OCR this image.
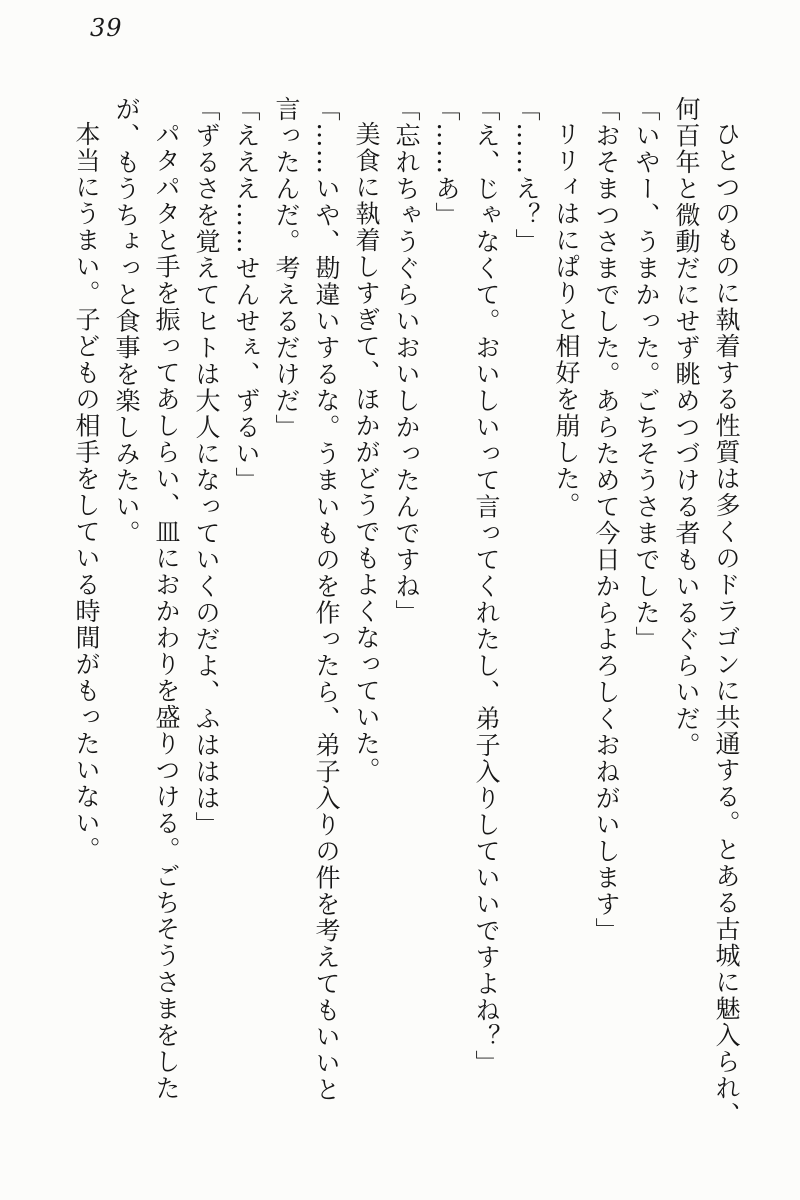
39

ひとつのものに執着する性質は多くのドラゴンに共通する。とある古城に魅入られ、

何百年と微動だにせず眺めつづける者もいるぐらいだ。

「いやー、うまかった。ごちそうさまでした」

「おそまつさまでした。あらためて今日からよろしくおねがいします」

リリィはにぱりと相好を崩した。

「……え？」

「え、じゃなくて。おいしいって言ってくれたし、弟子入りしていいですよね？」

「……あ」

「忘れちゃうぐらいおいしかったんですね」

美食に執着しすぎて、ほかがどうでもよくなっていた。

「……いや、勘違いするな。うまいものを作ったら、弟子入りの件を考えてもいいと

言ったんだ。考えるだけだ」

「えええ……せんせぇ、ずるい」

「ずるさを覚えてヒトは大人になっていくのだよ、ふははは」

パタパタと手を振ってあしらい、皿におかわりを盛りつける。ごちそうさまをした

が、もうちょっと食事を楽しみたい。

本当にうまい。子どもの相手をしている時間がもったいない。
